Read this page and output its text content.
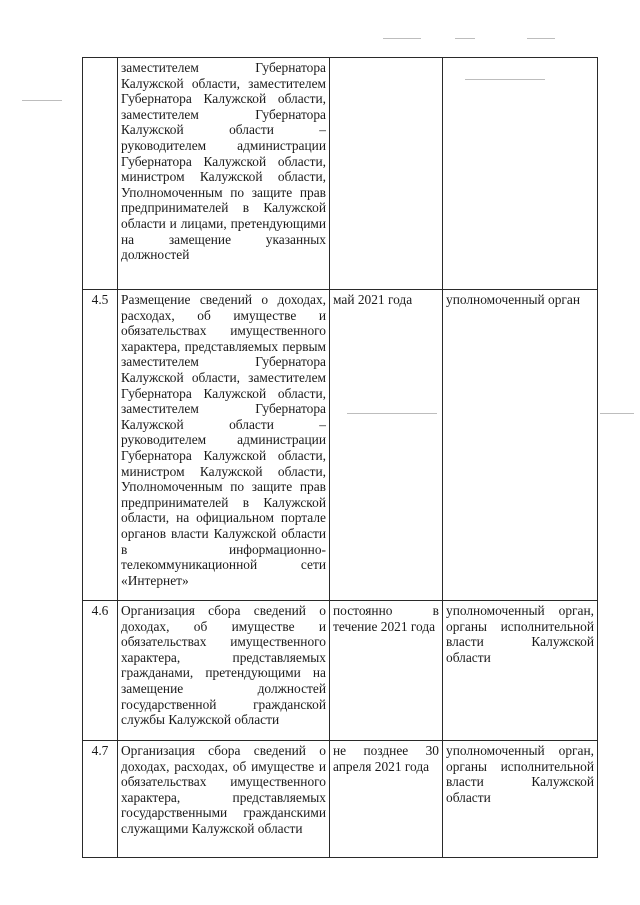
	заместителем Губернатора Калужской области, заместителем Губернатора Калужской области, заместителем Губернатора Калужской области – руководителем администрации Губернатора Калужской области, министром Калужской области, Уполномоченным по защите прав предпринимателей в Калужской области и лицами, претендующими на замещение указанных должностей		
4.5	Размещение сведений о доходах, расходах, об имуществе и обязательствах имущественного характера, представляемых первым заместителем Губернатора Калужской области, заместителем Губернатора Калужской области, заместителем Губернатора Калужской области – руководителем администрации Губернатора Калужской области, министром Калужской области, Уполномоченным по защите прав предпринимателей в Калужской области, на официальном портале органов власти Калужской области в информационно-телекоммуникационной сети «Интернет»	май 2021 года	уполномоченный орган
4.6	Организация сбора сведений о доходах, об имуществе и обязательствах имущественного характера, представляемых гражданами, претендующими на замещение должностей государственной гражданской службы Калужской области	постоянно в течение 2021 года	уполномоченный орган, органы исполнительной власти Калужской области
4.7	Организация сбора сведений о доходах, расходах, об имуществе и обязательствах имущественного характера, представляемых государственными гражданскими служащими Калужской области	не позднее 30 апреля 2021 года	уполномоченный орган, органы исполнительной власти Калужской области
